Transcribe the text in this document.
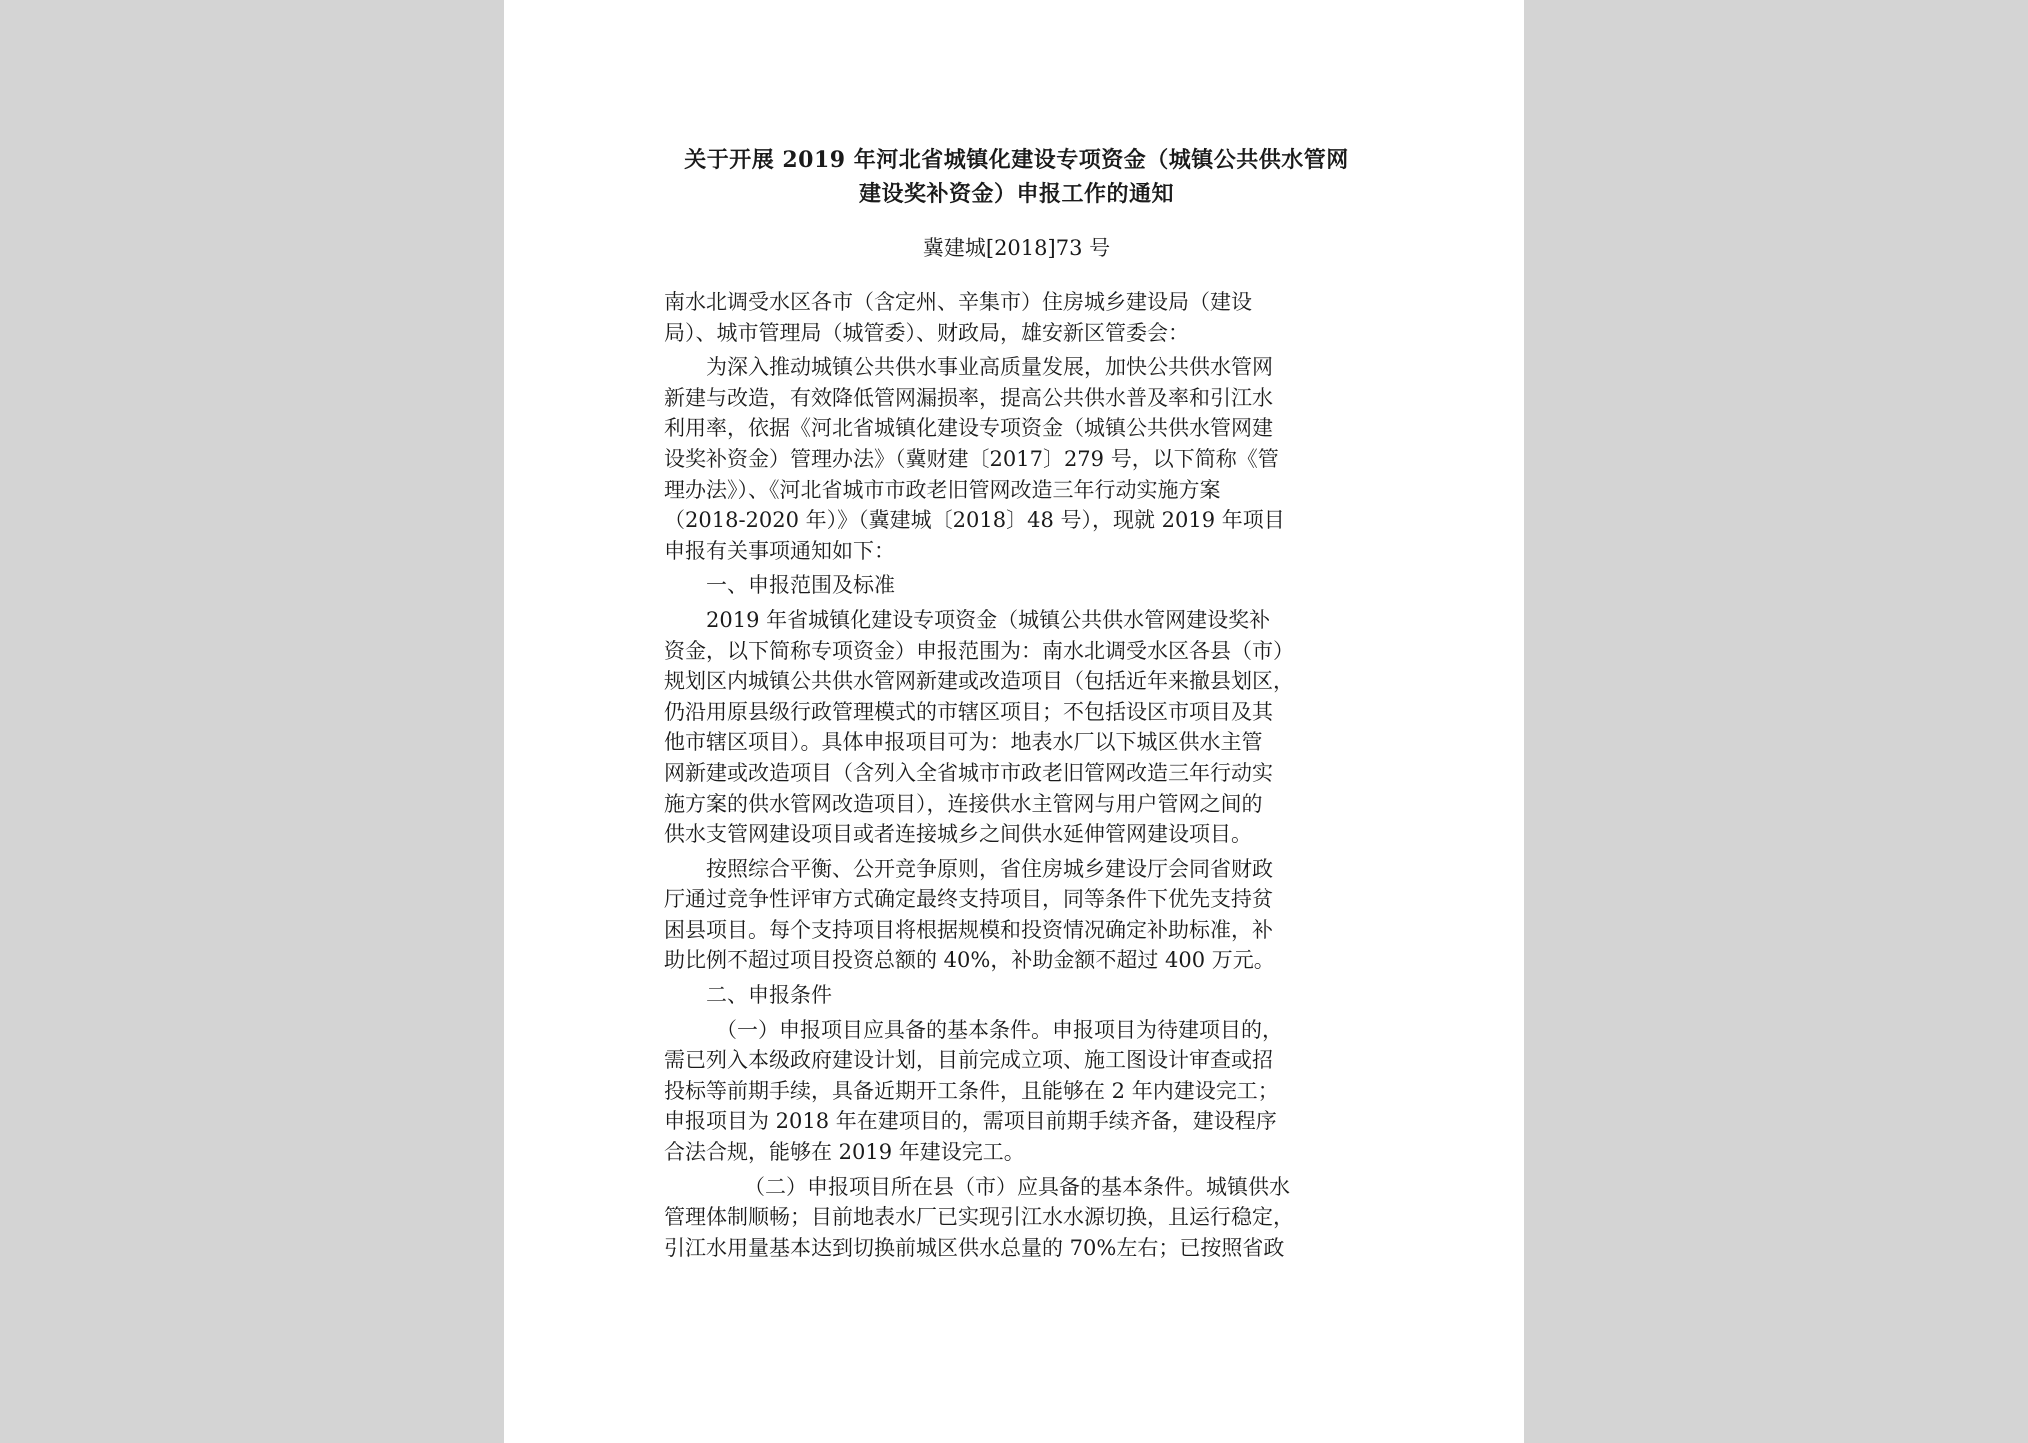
关于开展 2019 年河北省城镇化建设专项资金（城镇公共供水管网
建设奖补资金）申报工作的通知
冀建城[2018]73 号
南水北调受水区各市（含定州、辛集市）住房城乡建设局（建设
局）、城市管理局（城管委）、财政局，雄安新区管委会：
为深入推动城镇公共供水事业高质量发展，加快公共供水管网
新建与改造，有效降低管网漏损率，提高公共供水普及率和引江水
利用率，依据《河北省城镇化建设专项资金（城镇公共供水管网建
设奖补资金）管理办法》（冀财建〔2017〕279 号，以下简称《管
理办法》）、《河北省城市市政老旧管网改造三年行动实施方案
（2018-2020 年）》（冀建城〔2018〕48 号），现就 2019 年项目
申报有关事项通知如下：
一、申报范围及标准
2019 年省城镇化建设专项资金（城镇公共供水管网建设奖补
资金，以下简称专项资金）申报范围为：南水北调受水区各县（市）
规划区内城镇公共供水管网新建或改造项目（包括近年来撤县划区，
仍沿用原县级行政管理模式的市辖区项目；不包括设区市项目及其
他市辖区项目）。具体申报项目可为：地表水厂以下城区供水主管
网新建或改造项目（含列入全省城市市政老旧管网改造三年行动实
施方案的供水管网改造项目），连接供水主管网与用户管网之间的
供水支管网建设项目或者连接城乡之间供水延伸管网建设项目。
按照综合平衡、公开竞争原则，省住房城乡建设厅会同省财政
厅通过竞争性评审方式确定最终支持项目，同等条件下优先支持贫
困县项目。每个支持项目将根据规模和投资情况确定补助标准，补
助比例不超过项目投资总额的 40%，补助金额不超过 400 万元。
二、申报条件
（一）申报项目应具备的基本条件。申报项目为待建项目的，
需已列入本级政府建设计划，目前完成立项、施工图设计审查或招
投标等前期手续，具备近期开工条件，且能够在 2 年内建设完工；
申报项目为 2018 年在建项目的，需项目前期手续齐备，建设程序
合法合规，能够在 2019 年建设完工。
（二）申报项目所在县（市）应具备的基本条件。城镇供水
管理体制顺畅；目前地表水厂已实现引江水水源切换，且运行稳定，
引江水用量基本达到切换前城区供水总量的 70%左右；已按照省政
